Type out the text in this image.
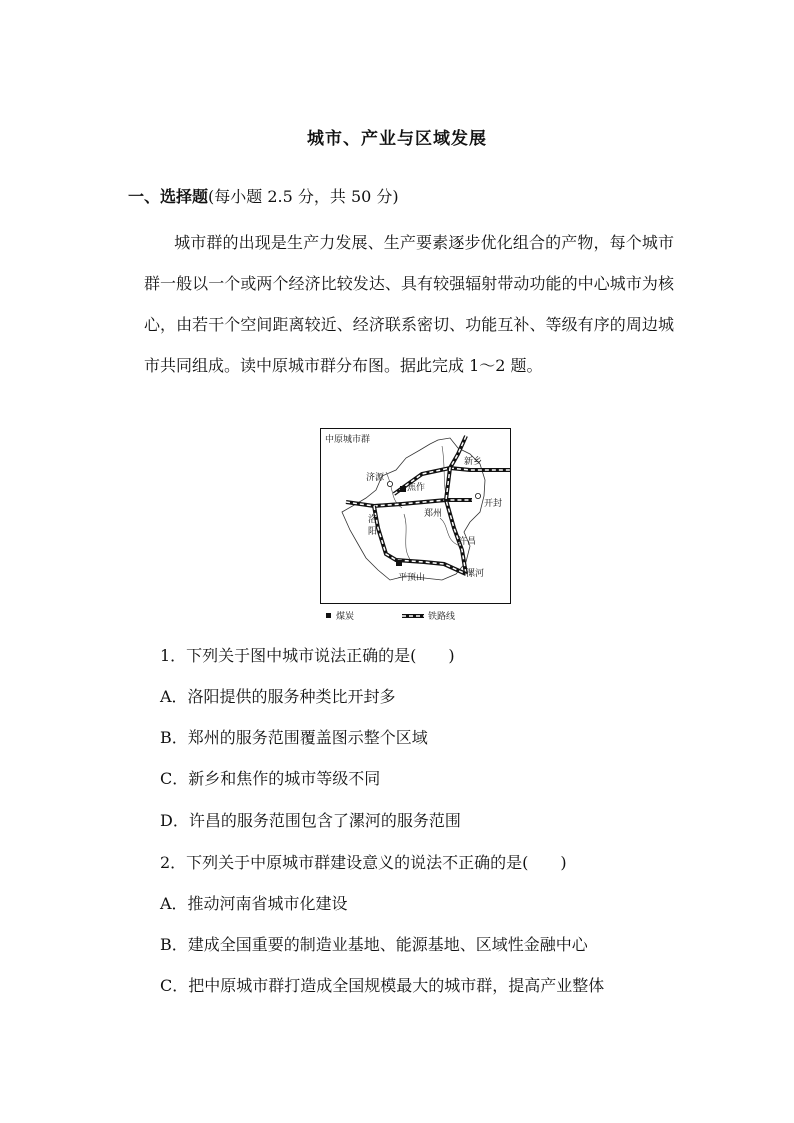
城市、产业与区域发展
一、选择题(每小题 2.5 分，共 50 分)
城市群的出现是生产力发展、生产要素逐步优化组合的产物，每个城市群一般以一个或两个经济比较发达、具有较强辐射带动功能的中心城市为核心，由若干个空间距离较近、经济联系密切、功能互补、等级有序的周边城市共同组成。读中原城市群分布图。据此完成 1～2 题。
中原城市群
新乡
济源
焦作
开封
郑州
洛
阳
许昌
平顶山	漯河
煤炭	铁路线
1．下列关于图中城市说法正确的是(　　)
A．洛阳提供的服务种类比开封多
B．郑州的服务范围覆盖图示整个区域
C．新乡和焦作的城市等级不同
D．许昌的服务范围包含了漯河的服务范围
2．下列关于中原城市群建设意义的说法不正确的是(　　)
A．推动河南省城市化建设
B．建成全国重要的制造业基地、能源基地、区域性金融中心
C．把中原城市群打造成全国规模最大的城市群，提高产业整体
